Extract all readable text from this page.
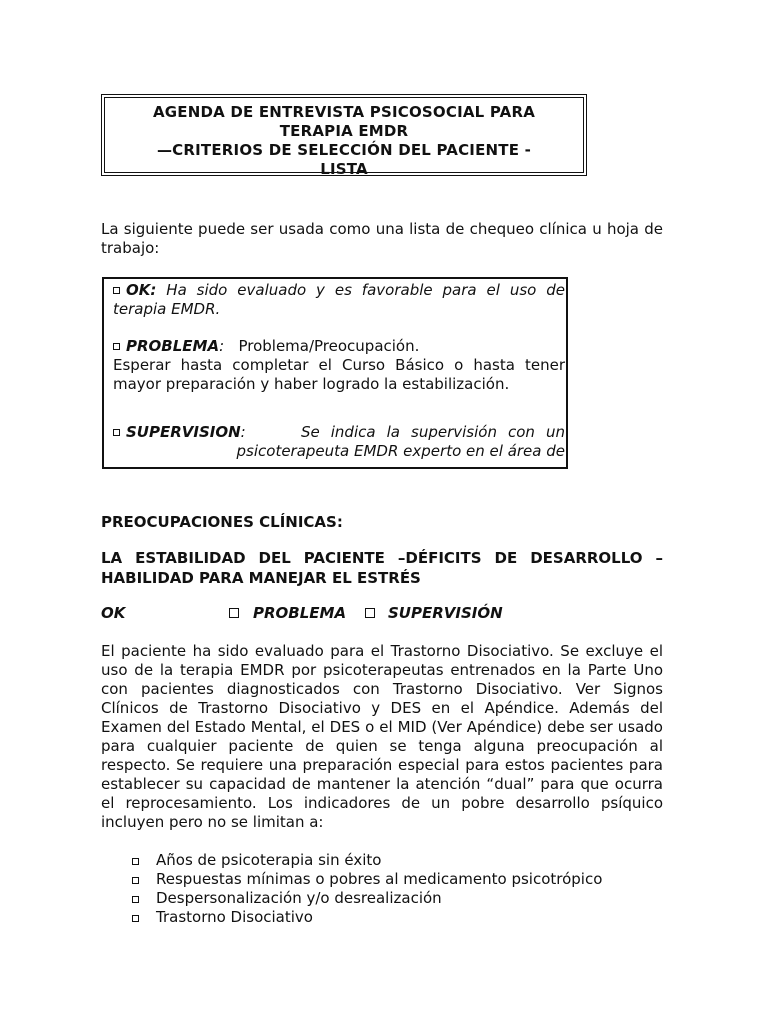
AGENDA DE ENTREVISTA PSICOSOCIAL PARA
TERAPIA EMDR
—CRITERIOS DE SELECCIÓN DEL PACIENTE -
LISTA
La siguiente puede ser usada como una lista de chequeo clínica u hoja de trabajo:
OK: Ha sido evaluado y es favorable para el uso de terapia EMDR.
PROBLEMA: Problema/Preocupación.
Esperar hasta completar el Curso Básico o hasta tener mayor preparación y haber logrado la estabilización.
SUPERVISION:	Se indica la supervisión con un psicoterapeuta EMDR experto en el área de
PREOCUPACIONES CLÍNICAS:
LA ESTABILIDAD DEL PACIENTE –DÉFICITS DE DESARROLLO – HABILIDAD PARA MANEJAR EL ESTRÉS
OK	PROBLEMA	SUPERVISIÓN
El paciente ha sido evaluado para el Trastorno Disociativo. Se excluye el uso de la terapia EMDR por psicoterapeutas entrenados en la Parte Uno con pacientes diagnosticados con Trastorno Disociativo. Ver Signos Clínicos de Trastorno Disociativo y DES en el Apéndice. Además del Examen del Estado Mental, el DES o el MID (Ver Apéndice) debe ser usado para cualquier paciente de quien se tenga alguna preocupación al respecto. Se requiere una preparación especial para estos pacientes para establecer su capacidad de mantener la atención “dual” para que ocurra el reprocesamiento. Los indicadores de un pobre desarrollo psíquico incluyen pero no se limitan a:
Años de psicoterapia sin éxito
Respuestas mínimas o pobres al medicamento psicotrópico
Despersonalización y/o desrealización
Trastorno Disociativo
